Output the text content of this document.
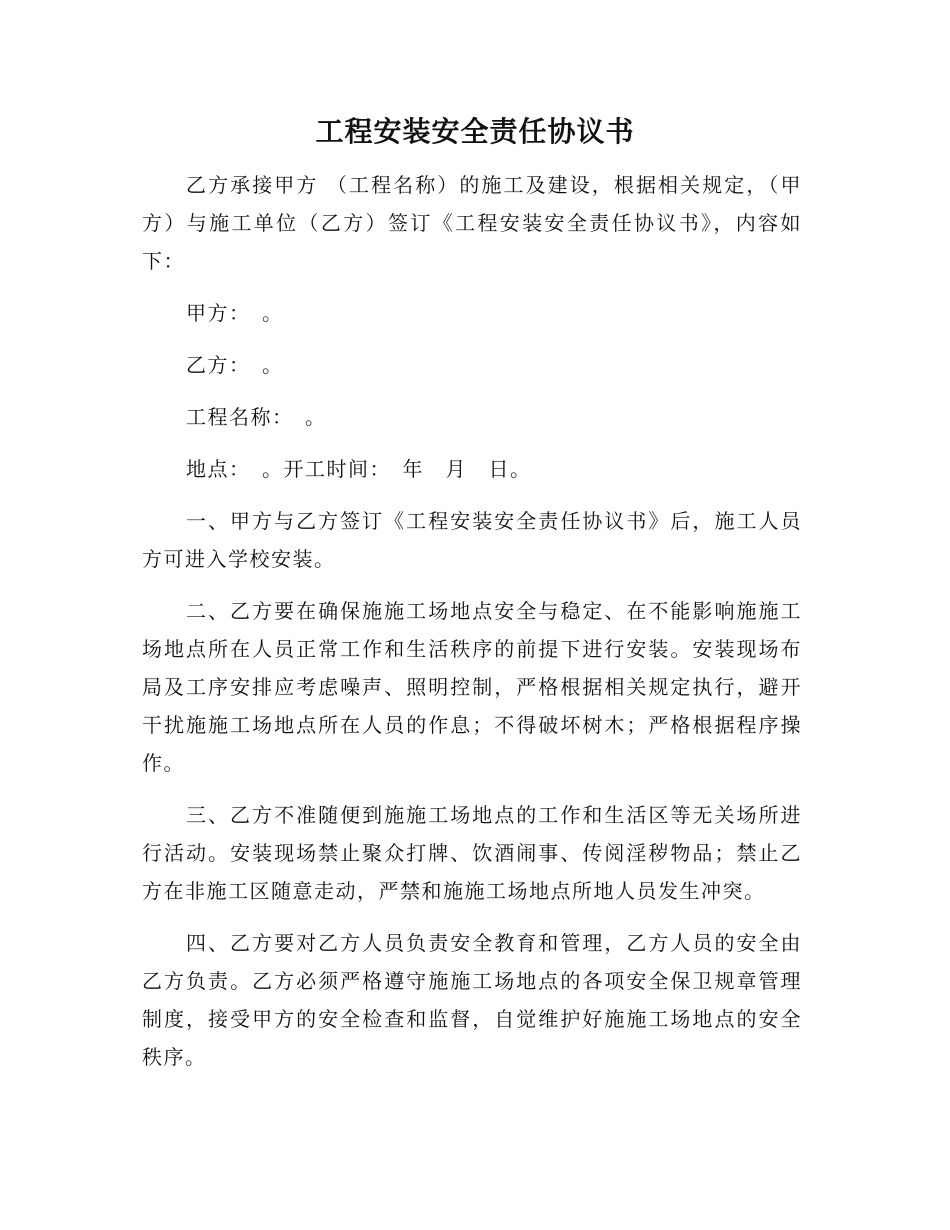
工程安装安全责任协议书

乙方承接甲方 （工程名称）的施工及建设，根据相关规定，（甲方）与施工单位（乙方）签订《工程安装安全责任协议书》，内容如下：

甲方：　。

乙方：　。

工程名称：　。

地点：　。开工时间：　年　月　日。

一、甲方与乙方签订《工程安装安全责任协议书》后，施工人员方可进入学校安装。

二、乙方要在确保施施工场地点安全与稳定、在不能影响施施工场地点所在人员正常工作和生活秩序的前提下进行安装。安装现场布局及工序安排应考虑噪声、照明控制，严格根据相关规定执行，避开干扰施施工场地点所在人员的作息；不得破坏树木；严格根据程序操作。

三、乙方不准随便到施施工场地点的工作和生活区等无关场所进行活动。安装现场禁止聚众打牌、饮酒闹事、传阅淫秽物品；禁止乙方在非施工区随意走动，严禁和施施工场地点所地人员发生冲突。

四、乙方要对乙方人员负责安全教育和管理，乙方人员的安全由乙方负责。乙方必须严格遵守施施工场地点的各项安全保卫规章管理制度，接受甲方的安全检查和监督，自觉维护好施施工场地点的安全秩序。
